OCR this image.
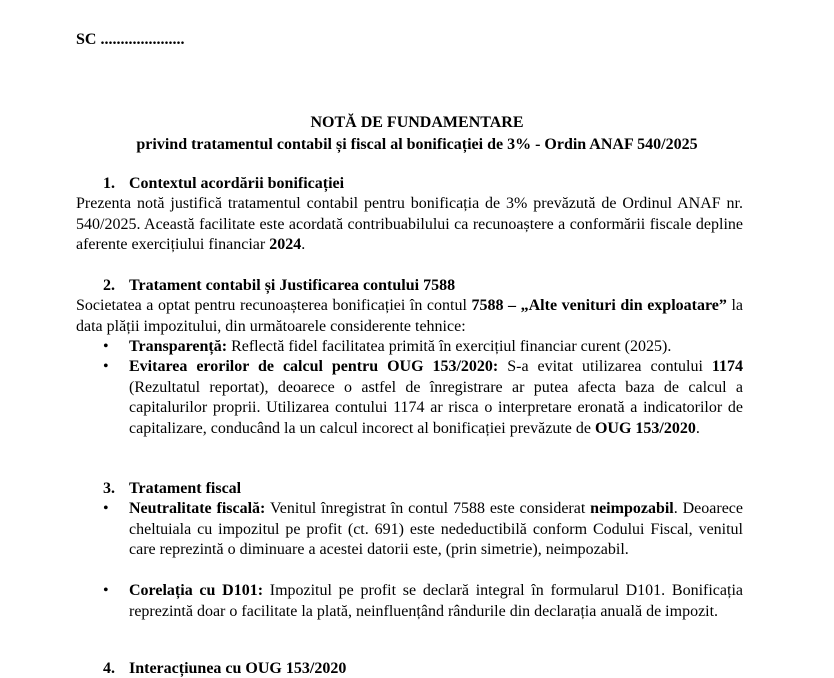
SC .....................
NOTĂ DE FUNDAMENTARE
privind tratamentul contabil și fiscal al bonificației de 3% - Ordin ANAF 540/2025
1. Contextul acordării bonificației
Prezenta notă justifică tratamentul contabil pentru bonificația de 3% prevăzută de Ordinul ANAF nr. 540/2025. Această facilitate este acordată contribuabilului ca recunoaștere a conformării fiscale depline aferente exercițiului financiar 2024.
2. Tratament contabil și Justificarea contului 7588
Societatea a optat pentru recunoașterea bonificației în contul 7588 – „Alte venituri din exploatare” la data plății impozitului, din următoarele considerente tehnice:
•	Transparență: Reflectă fidel facilitatea primită în exercițiul financiar curent (2025).
•	Evitarea erorilor de calcul pentru OUG 153/2020: S-a evitat utilizarea contului 1174 (Rezultatul reportat), deoarece o astfel de înregistrare ar putea afecta baza de calcul a capitalurilor proprii. Utilizarea contului 1174 ar risca o interpretare eronată a indicatorilor de capitalizare, conducând la un calcul incorect al bonificației prevăzute de OUG 153/2020.
3. Tratament fiscal
•	Neutralitate fiscală: Venitul înregistrat în contul 7588 este considerat neimpozabil. Deoarece cheltuiala cu impozitul pe profit (ct. 691) este nedeductibilă conform Codului Fiscal, venitul care reprezintă o diminuare a acestei datorii este, (prin simetrie), neimpozabil.
•	Corelația cu D101: Impozitul pe profit se declară integral în formularul D101. Bonificația reprezintă doar o facilitate la plată, neinfluențând rândurile din declarația anuală de impozit.
4. Interacțiunea cu OUG 153/2020
